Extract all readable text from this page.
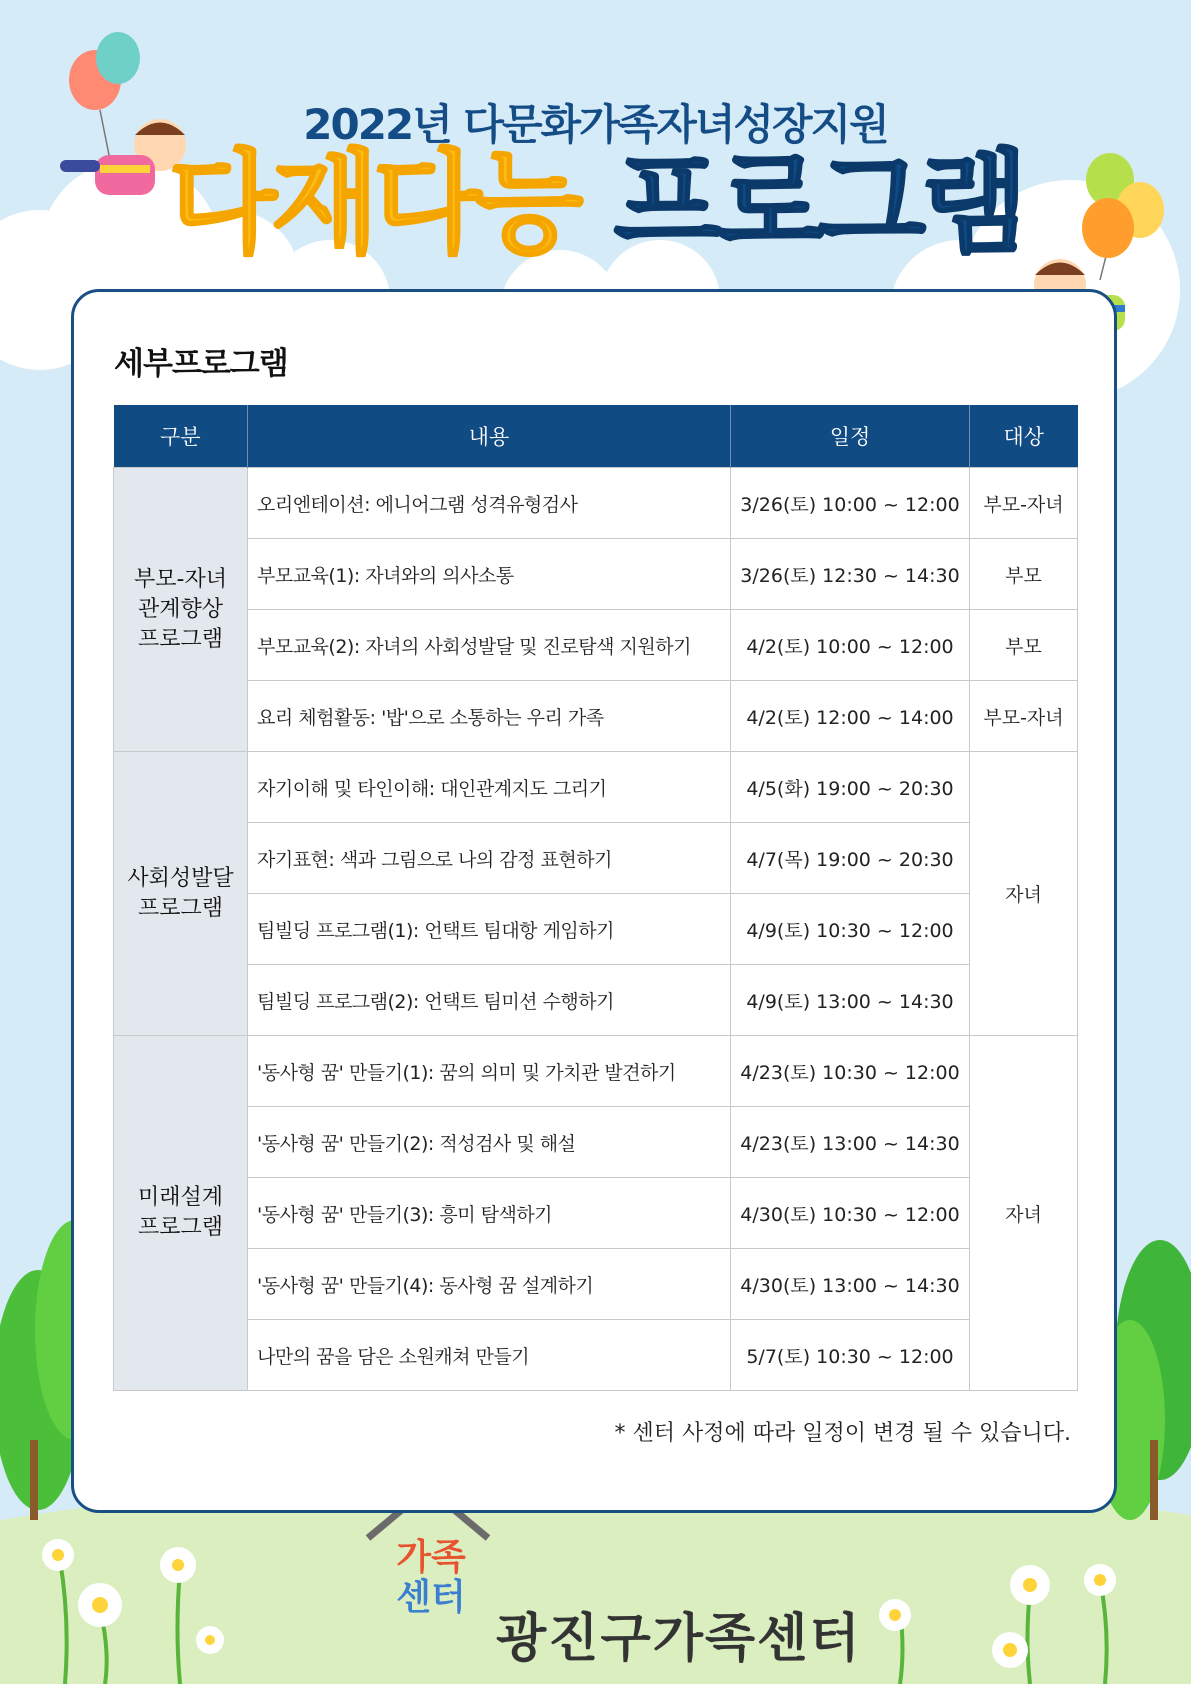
2022년 다문화가족자녀성장지원
다재다능 프로그램
세부프로그램
구분	내용	일정	대상
부모-자녀
관계향상
프로그램	오리엔테이션: 에니어그램 성격유형검사	3/26(토) 10:00 ~ 12:00	부모-자녀
	부모교육(1): 자녀와의 의사소통	3/26(토) 12:30 ~ 14:30	부모
	부모교육(2): 자녀의 사회성발달 및 진로탐색 지원하기	4/2(토) 10:00 ~ 12:00	부모
	요리 체험활동: '밥'으로 소통하는 우리 가족	4/2(토) 12:00 ~ 14:00	부모-자녀
사회성발달
프로그램	자기이해 및 타인이해: 대인관계지도 그리기	4/5(화) 19:00 ~ 20:30	자녀
	자기표현: 색과 그림으로 나의 감정 표현하기	4/7(목) 19:00 ~ 20:30	
	팀빌딩 프로그램(1): 언택트 팀대항 게임하기	4/9(토) 10:30 ~ 12:00	
	팀빌딩 프로그램(2): 언택트 팀미션 수행하기	4/9(토) 13:00 ~ 14:30	
미래설계
프로그램	'동사형 꿈' 만들기(1): 꿈의 의미 및 가치관 발견하기	4/23(토) 10:30 ~ 12:00	자녀
	'동사형 꿈' 만들기(2): 적성검사 및 해설	4/23(토) 13:00 ~ 14:30	
	'동사형 꿈' 만들기(3): 흥미 탐색하기	4/30(토) 10:30 ~ 12:00	
	'동사형 꿈' 만들기(4): 동사형 꿈 설계하기	4/30(토) 13:00 ~ 14:30	
	나만의 꿈을 담은 소원캐쳐 만들기	5/7(토) 10:30 ~ 12:00	
* 센터 사정에 따라 일정이 변경 될 수 있습니다.
가족
센터
광진구가족센터
